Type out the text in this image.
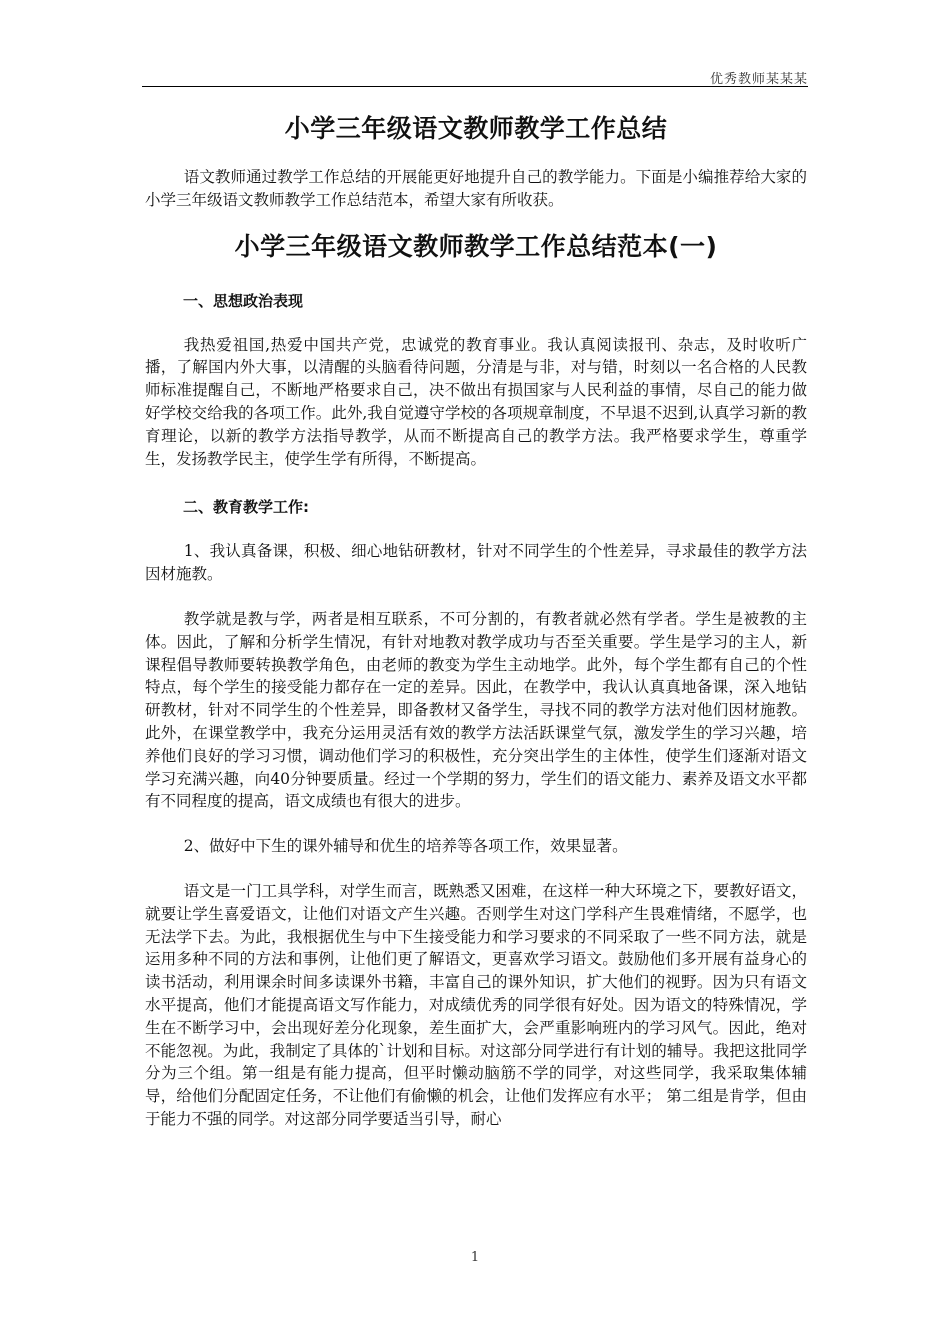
优秀教师某某某
小学三年级语文教师教学工作总结

语文教师通过教学工作总结的开展能更好地提升自己的教学能力。下面是小编推荐给大家的小学三年级语文教师教学工作总结范本，希望大家有所收获。

小学三年级语文教师教学工作总结范本(一)

一、思想政治表现

我热爱祖国,热爱中国共产党，忠诚党的教育事业。我认真阅读报刊、杂志，及时收听广播，了解国内外大事，以清醒的头脑看待问题，分清是与非，对与错，时刻以一名合格的人民教师标准提醒自己，不断地严格要求自己，决不做出有损国家与人民利益的事情，尽自己的能力做好学校交给我的各项工作。此外,我自觉遵守学校的各项规章制度，不早退不迟到,认真学习新的教育理论，以新的教学方法指导教学，从而不断提高自己的教学方法。我严格要求学生，尊重学生，发扬教学民主，使学生学有所得，不断提高。

二、教育教学工作:

1、我认真备课，积极、细心地钻研教材，针对不同学生的个性差异，寻求最佳的教学方法因材施教。

教学就是教与学，两者是相互联系，不可分割的，有教者就必然有学者。学生是被教的主体。因此，了解和分析学生情况，有针对地教对教学成功与否至关重要。学生是学习的主人，新课程倡导教师要转换教学角色，由老师的教变为学生主动地学。此外，每个学生都有自己的个性特点，每个学生的接受能力都存在一定的差异。因此，在教学中，我认认真真地备课，深入地钻研教材，针对不同学生的个性差异，即备教材又备学生，寻找不同的教学方法对他们因材施教。此外，在课堂教学中，我充分运用灵活有效的教学方法活跃课堂气氛，激发学生的学习兴趣，培养他们良好的学习习惯，调动他们学习的积极性，充分突出学生的主体性，使学生们逐渐对语文学习充满兴趣，向40分钟要质量。经过一个学期的努力，学生们的语文能力、素养及语文水平都有不同程度的提高，语文成绩也有很大的进步。

2、做好中下生的课外辅导和优生的培养等各项工作，效果显著。

语文是一门工具学科，对学生而言，既熟悉又困难，在这样一种大环境之下，要教好语文，就要让学生喜爱语文，让他们对语文产生兴趣。否则学生对这门学科产生畏难情绪，不愿学，也无法学下去。为此，我根据优生与中下生接受能力和学习要求的不同采取了一些不同方法，就是运用多种不同的方法和事例，让他们更了解语文，更喜欢学习语文。鼓励他们多开展有益身心的读书活动，利用课余时间多读课外书籍，丰富自己的课外知识，扩大他们的视野。因为只有语文水平提高，他们才能提高语文写作能力，对成绩优秀的同学很有好处。因为语文的特殊情况，学生在不断学习中，会出现好差分化现象，差生面扩大，会严重影响班内的学习风气。因此，绝对不能忽视。为此，我制定了具体的`计划和目标。对这部分同学进行有计划的辅导。我把这批同学分为三个组。第一组是有能力提高，但平时懒动脑筋不学的同学，对这些同学，我采取集体辅导，给他们分配固定任务，不让他们有偷懒的机会，让他们发挥应有水平； 第二组是肯学，但由于能力不强的同学。对这部分同学要适当引导，耐心

1
